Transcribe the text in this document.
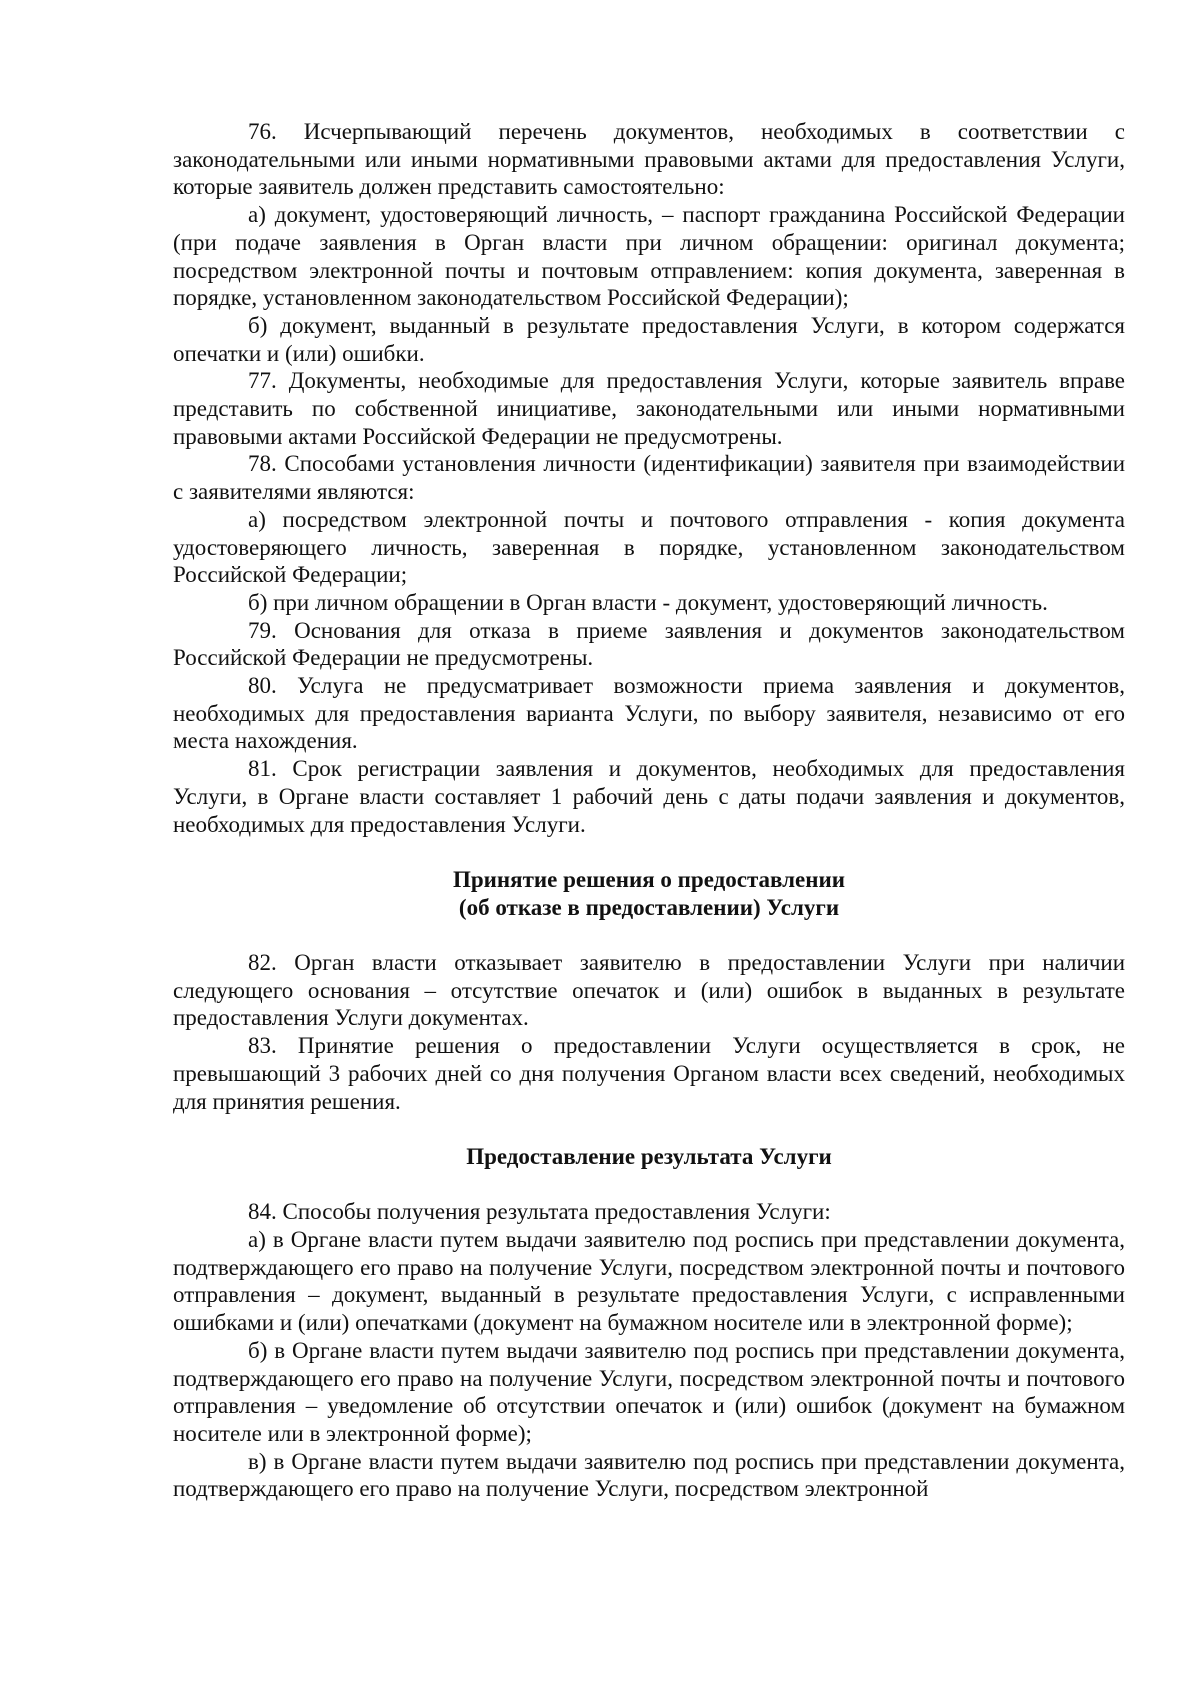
76. Исчерпывающий перечень документов, необходимых в соответствии с законодательными или иными нормативными правовыми актами для предоставления Услуги, которые заявитель должен представить самостоятельно:

а) документ, удостоверяющий личность, – паспорт гражданина Российской Федерации (при подаче заявления в Орган власти при личном обращении: оригинал документа; посредством электронной почты и почтовым отправлением: копия документа, заверенная в порядке, установленном законодательством Российской Федерации);

б) документ, выданный в результате предоставления Услуги, в котором содержатся опечатки и (или) ошибки.

77. Документы, необходимые для предоставления Услуги, которые заявитель вправе представить по собственной инициативе, законодательными или иными нормативными правовыми актами Российской Федерации не предусмотрены.

78. Способами установления личности (идентификации) заявителя при взаимодействии с заявителями являются:

а) посредством электронной почты и почтового отправления - копия документа удостоверяющего личность, заверенная в порядке, установленном законодательством Российской Федерации;

б) при личном обращении в Орган власти - документ, удостоверяющий личность.

79. Основания для отказа в приеме заявления и документов законодательством Российской Федерации не предусмотрены.

80. Услуга не предусматривает возможности приема заявления и документов, необходимых для предоставления варианта Услуги, по выбору заявителя, независимо от его места нахождения.

81. Срок регистрации заявления и документов, необходимых для предоставления Услуги, в Органе власти составляет 1 рабочий день с даты подачи заявления и документов, необходимых для предоставления Услуги.

Принятие решения о предоставлении
(об отказе в предоставлении) Услуги

82. Орган власти отказывает заявителю в предоставлении Услуги при наличии следующего основания – отсутствие опечаток и (или) ошибок в выданных в результате предоставления Услуги документах.

83. Принятие решения о предоставлении Услуги осуществляется в срок, не превышающий 3 рабочих дней со дня получения Органом власти всех сведений, необходимых для принятия решения.

Предоставление результата Услуги

84. Способы получения результата предоставления Услуги:

а) в Органе власти путем выдачи заявителю под роспись при представлении документа, подтверждающего его право на получение Услуги, посредством электронной почты и почтового отправления – документ, выданный в результате предоставления Услуги, с исправленными ошибками и (или) опечатками (документ на бумажном носителе или в электронной форме);

б) в Органе власти путем выдачи заявителю под роспись при представлении документа, подтверждающего его право на получение Услуги, посредством электронной почты и почтового отправления – уведомление об отсутствии опечаток и (или) ошибок (документ на бумажном носителе или в электронной форме);

в) в Органе власти путем выдачи заявителю под роспись при представлении документа, подтверждающего его право на получение Услуги, посредством электронной
